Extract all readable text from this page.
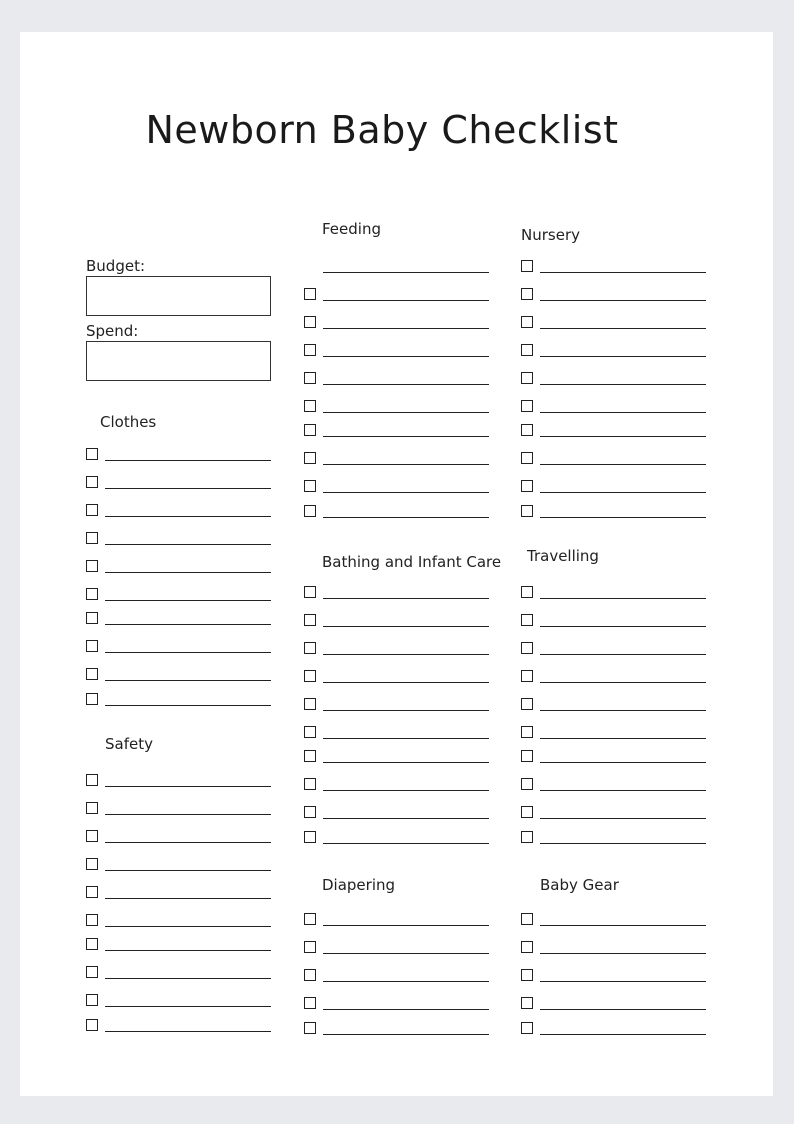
Newborn Baby Checklist
Budget:
Spend:
Clothes
Safety
Feeding
Bathing and Infant Care
Diapering
Nursery
Travelling
Baby Gear
